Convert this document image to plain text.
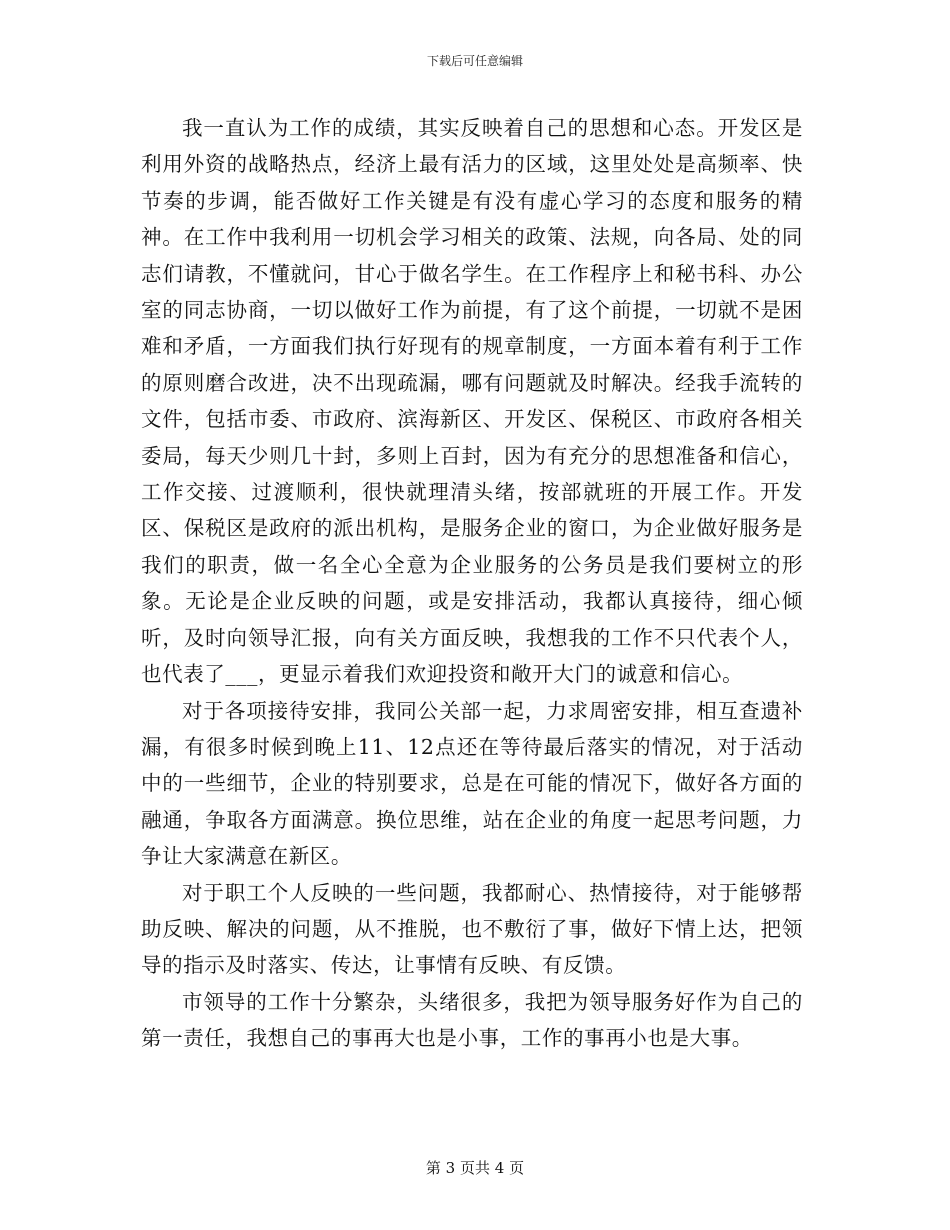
下载后可任意编辑

我一直认为工作的成绩，其实反映着自己的思想和心态。开发区是利用外资的战略热点，经济上最有活力的区域，这里处处是高频率、快节奏的步调，能否做好工作关键是有没有虚心学习的态度和服务的精神。在工作中我利用一切机会学习相关的政策、法规，向各局、处的同志们请教，不懂就问，甘心于做名学生。在工作程序上和秘书科、办公室的同志协商，一切以做好工作为前提，有了这个前提，一切就不是困难和矛盾，一方面我们执行好现有的规章制度，一方面本着有利于工作的原则磨合改进，决不出现疏漏，哪有问题就及时解决。经我手流转的文件，包括市委、市政府、滨海新区、开发区、保税区、市政府各相关委局，每天少则几十封，多则上百封，因为有充分的思想准备和信心，工作交接、过渡顺利，很快就理清头绪，按部就班的开展工作。开发区、保税区是政府的派出机构，是服务企业的窗口，为企业做好服务是我们的职责，做一名全心全意为企业服务的公务员是我们要树立的形象。无论是企业反映的问题，或是安排活动，我都认真接待，细心倾听，及时向领导汇报，向有关方面反映，我想我的工作不只代表个人，也代表了___，更显示着我们欢迎投资和敞开大门的诚意和信心。

对于各项接待安排，我同公关部一起，力求周密安排，相互查遗补漏，有很多时候到晚上11、12点还在等待最后落实的情况，对于活动中的一些细节，企业的特别要求，总是在可能的情况下，做好各方面的融通，争取各方面满意。换位思维，站在企业的角度一起思考问题，力争让大家满意在新区。

对于职工个人反映的一些问题，我都耐心、热情接待，对于能够帮助反映、解决的问题，从不推脱，也不敷衍了事，做好下情上达，把领导的指示及时落实、传达，让事情有反映、有反馈。

市领导的工作十分繁杂，头绪很多，我把为领导服务好作为自己的第一责任，我想自己的事再大也是小事，工作的事再小也是大事。

第 3 页共 4 页
